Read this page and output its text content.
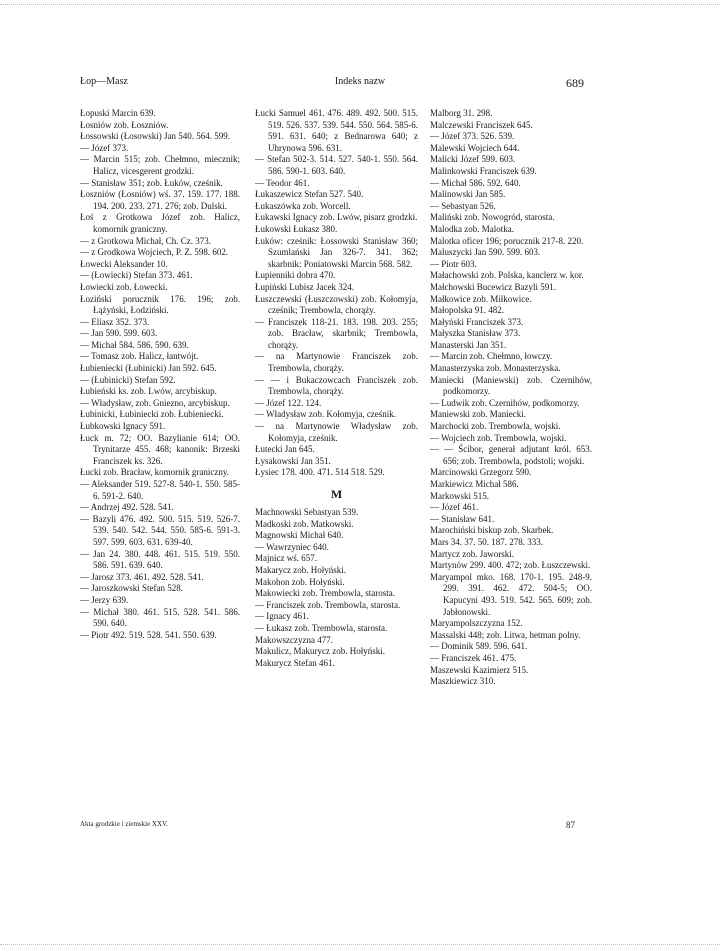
Łop—Masz	Indeks nazw	689
Łopuski Marcin 639.
Łosniów zob. Łoszniów.
Łossowski (Łosowski) Jan 540. 564. 599.
— Józef 373.
— Marcin 515; zob. Chełmno, miecznik; Halicz, vicesgerent grodzki.
— Stanisław 351; zob. Łuków, cześnik.
Łoszniów (Łosniów) wś. 37. 159. 177. 188. 194. 200. 233. 271. 276; zob. Dulski.
Łoś z Grotkowa Józef zob. Halicz, komornik graniczny.
— z Grotkowa Michał, Ch. Cz. 373.
— z Grodkowa Wojciech, P. Z. 598. 602.
Łowecki Aleksander 10.
— (Łowiecki) Stefan 373. 461.
Łowiecki zob. Łowecki.
Łoziński porucznik 176. 196; zob. Łążyński, Łodziński.
— Eliasz 352. 373.
— Jan 590. 599. 603.
— Michał 584. 586. 590. 639.
— Tomasz zob. Halicz, łantwójt.
Łubieniecki (Łubinicki) Jan 592. 645.
— (Łubinicki) Stefan 592.
Łubieński ks. zob. Lwów, arcybiskup.
— Władysław, zob. Gniezno, arcybiskup.
Łubinicki, Łubiniecki zob. Łubieniecki.
Łubkowski Ignacy 591.
Łuck m. 72; OO. Bazylianie 614; OO. Trynitarze 455. 468; kanonik: Brzeski Franciszek ks. 326.
Łucki zob. Bracław, komornik graniczny.
— Aleksander 519. 527-8. 540-1. 550. 585-6. 591-2. 640.
— Andrzej 492. 528. 541.
— Bazyli 476. 492. 500. 515. 519. 526-7. 539. 540. 542. 544. 550. 585-6. 591-3. 597. 599. 603. 631. 639-40.
— Jan 24. 380. 448. 461. 515. 519. 550. 586. 591. 639. 640.
— Jarosz 373. 461. 492. 528. 541.
— Jaroszkowski Stefan 528.
— Jerzy 639.
— Michał 380. 461. 515. 528. 541. 586. 590. 640.
— Piotr 492. 519. 528. 541. 550. 639.
Łucki Samuel 461. 476. 489. 492. 500. 515. 519. 526. 537. 539. 544. 550. 564. 585-6. 591. 631. 640; z Bednarowa 640; z Uhrynowa 596. 631.
— Stefan 502-3. 514. 527. 540-1. 550. 564. 586. 590-1. 603. 640.
— Teodor 461.
Łukaszewicz Stefan 527. 540.
Łukaszówka zob. Worcell.
Łukawski Ignacy zob. Lwów, pisarz grodzki.
Łukowski Łukasz 380.
Łuków: cześnik: Łossowski Stanisław 360; Szumlański Jan 326-7. 341. 362; skarbnik: Poniatowski Marcin 568. 582.
Łupienniki dobra 470.
Łupiński Lubisz Jacek 324.
Łuszczewski (Łuszczowski) zob. Kołomyja, cześnik; Trembowla, chorąży.
— Franciszek 118-21. 183. 198. 203. 255; zob. Bracław, skarbnik; Trembowla, chorąży.
— na Martynowie Franciszek zob. Trembowla, chorąży.
— — i Bukaczowcach Franciszek zob. Trembowla, chorąży.
— Józef 122. 124.
— Władysław zob. Kołomyja, cześnik.
— na Martynowie Władysław zob. Kołomyja, cześnik.
Łutecki Jan 645.
Łysakowski Jan 351.
Łysiec 178. 400. 471. 514 518. 529.
M
Machnowski Sebastyan 539.
Madkoski zob. Matkowski.
Magnowski Michał 640.
— Wawrzyniec 640.
Majnicz wś. 657.
Makarycz zob. Hołyński.
Makohon zob. Hołyński.
Makowiecki zob. Trembowla, starosta.
— Franciszek zob. Trembowla, starosta.
— Ignacy 461.
— Łukasz zob. Trembowla, starosta.
Makowszczyzna 477.
Makulicz, Makurycz zob. Hołyński.
Makurycz Stefan 461.
Malborg 31. 298.
Malczewski Franciszek 645.
— Józef 373. 526. 539.
Malewski Wojciech 644.
Malicki Józef 599. 603.
Malinkowski Franciszek 639.
— Michał 586. 592. 640.
Malinowski Jan 585.
— Sebastyan 526.
Maliński zob. Nowogród, starosta.
Malodka zob. Malotka.
Malotka oficer 196; porucznik 217-8. 220.
Maluszycki Jan 590. 599. 603.
— Piotr 603.
Małachowski zob. Polska, kanclerz w. kor.
Małchowski Bucewicz Bazyli 591.
Małkowice zob. Miłkowice.
Małopolska 91. 482.
Małyński Franciszek 373.
Małyszka Stanisław 373.
Manasterski Jan 351.
— Marcin zob. Chełmno, łowczy.
Manasterzyska zob. Monasterzyska.
Maniecki (Maniewski) zob. Czernihów, podkomorzy.
— Ludwik zob. Czernihów, podkomorzy.
Maniewski zob. Maniecki.
Marchocki zob. Trembowla, wojski.
— Wojciech zob. Trembowla, wojski.
— — Ścibor, generał adjutant król. 653. 656; zob. Trembowla, podstoli; wojski.
Marcinowski Grzegorz 590.
Markiewicz Michał 586.
Markowski 515.
— Józef 461.
— Stanisław 641.
Marochiński biskup zob. Skarbek.
Mars 34. 37. 50. 187. 278. 333.
Martycz zob. Jaworski.
Martynów 299. 400. 472; zob. Łuszczewski.
Maryampol mko. 168. 170-1. 195. 248-9. 299. 391. 462. 472. 504-5; OO. Kapucyni 493. 519. 542. 565. 609; zob. Jabłonowski.
Maryampolszczyzna 152.
Massalski 448; zob. Litwa, hetman polny.
— Dominik 589. 596. 641.
— Franciszek 461. 475.
Maszewski Kazimierz 515.
Maszkiewicz 310.
Akta grodzkie i ziemskie XXV.	87
